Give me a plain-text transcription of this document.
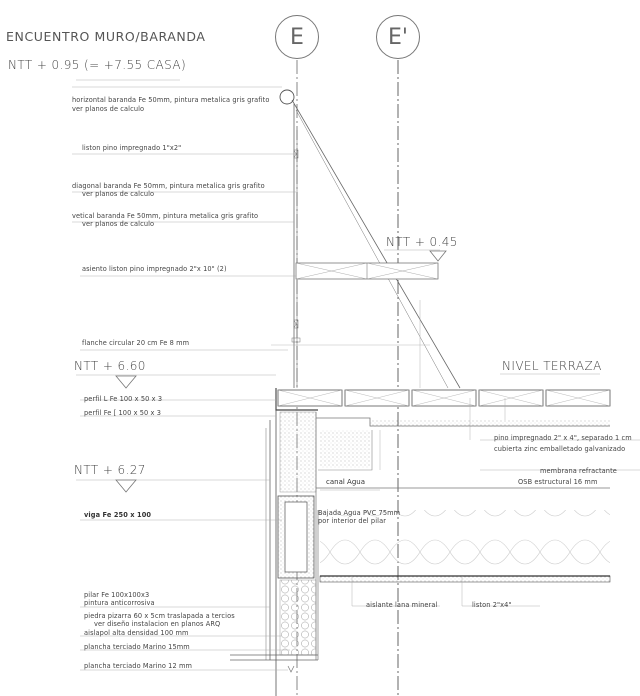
E	E'
ENCUENTRO MURO/BARANDA
NTT + 0.95 (= +7.55 CASA)
NTT + 0.45
NTT + 6.60	NIVEL TERRAZA
NTT + 6.27
horizontal baranda Fe 50mm, pintura metalica gris grafito
ver planos de calculo
liston pino impregnado 1"x2"
diagonal baranda Fe 50mm, pintura metalica gris grafito
ver planos de calculo
vetical baranda Fe 50mm, pintura metalica gris grafito
ver planos de calculo
asiento liston pino impregnado 2"x 10" (2)
flanche circular 20 cm Fe 8 mm
perfil L Fe 100 x 50 x 3
perfil Fe [ 100 x 50 x 3
pino impregnado 2" x 4", separado 1 cm
cubierta zinc emballetado galvanizado
membrana refractante
OSB estructural 16 mm
canal Agua
viga Fe 250 x 100	Bajada Agua PVC 75mm
por interior del pilar
pilar Fe 100x100x3
pintura anticorrosiva
piedra pizarra 60 x 5cm traslapada a tercios
ver diseño instalacion en planos ARQ
aislapol alta densidad 100 mm
plancha terciado Marino 15mm
plancha terciado Marino 12 mm
aislante lana mineral	liston 2"x4"
